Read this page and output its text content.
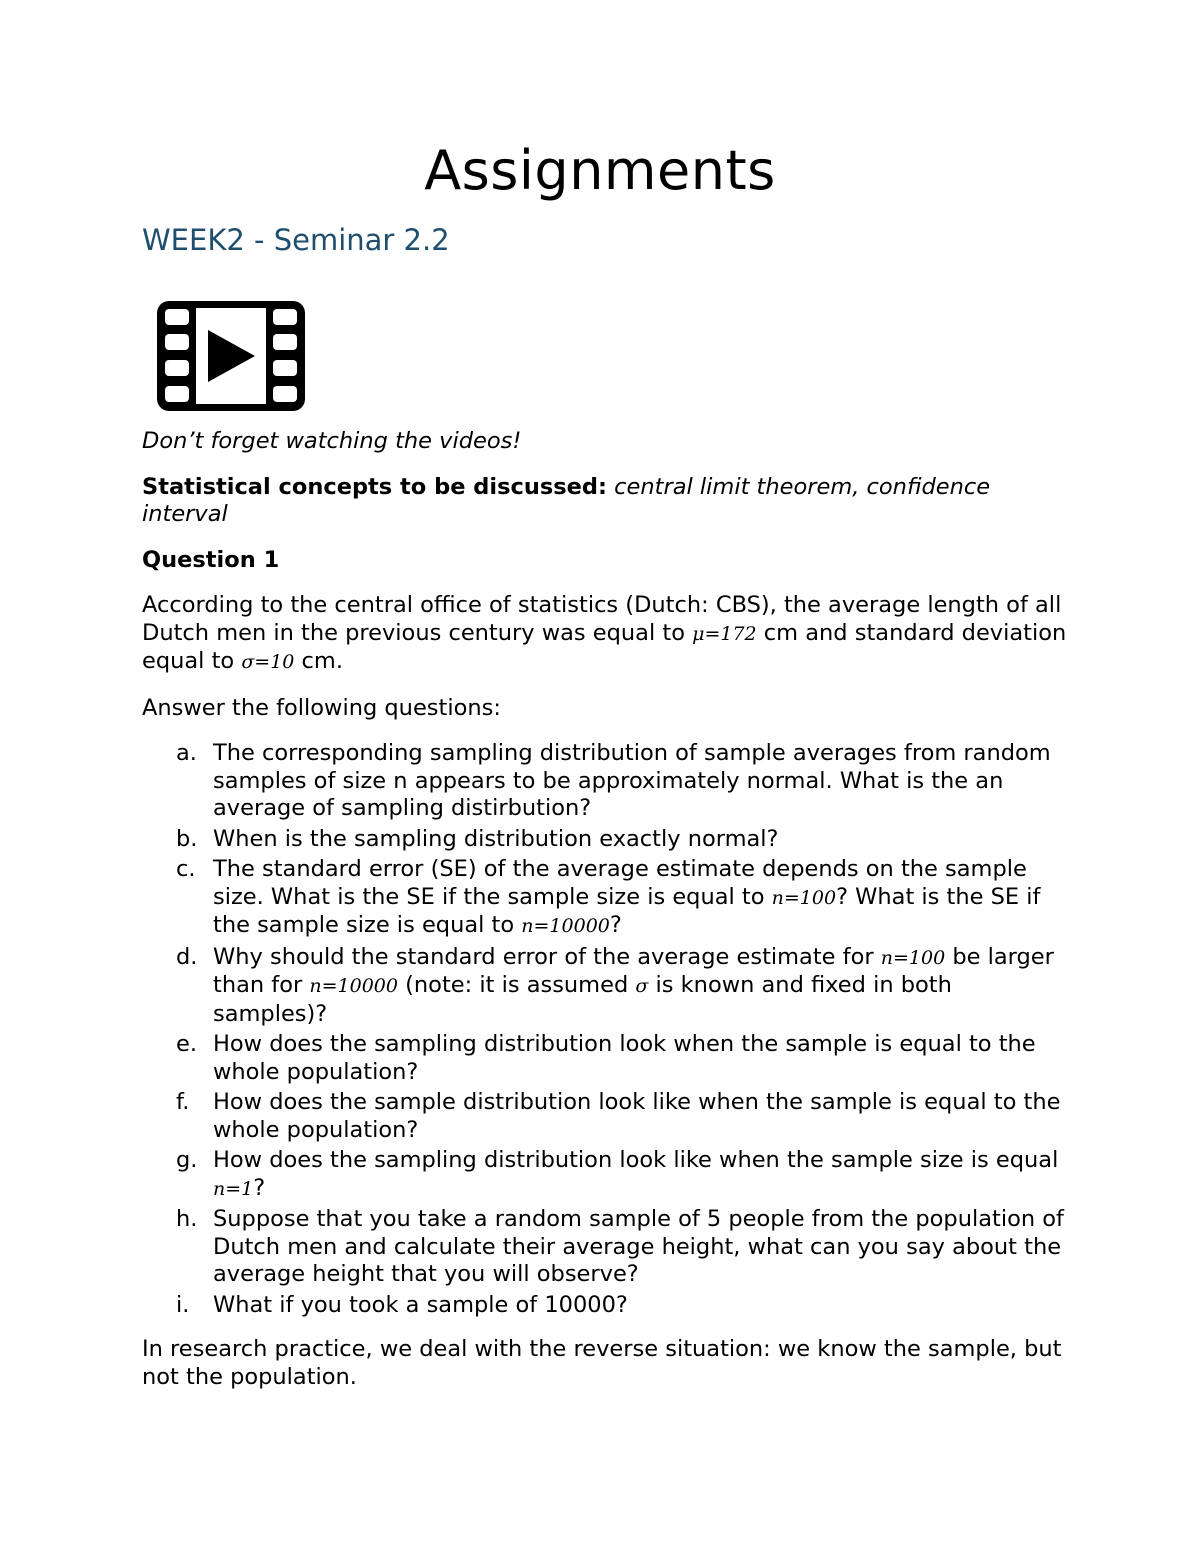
Assignments
WEEK2 - Seminar 2.2

Don’t forget watching the videos!

Statistical concepts to be discussed: central limit theorem, confidence interval

Question 1

According to the central office of statistics (Dutch: CBS), the average length of all Dutch men in the previous century was equal to μ=172 cm and standard deviation equal to σ=10 cm.

Answer the following questions:

a. The corresponding sampling distribution of sample averages from random samples of size n appears to be approximately normal. What is the an average of sampling distirbution?
b. When is the sampling distribution exactly normal?
c. The standard error (SE) of the average estimate depends on the sample size. What is the SE if the sample size is equal to n=100? What is the SE if the sample size is equal to n=10000?
d. Why should the standard error of the average estimate for n=100 be larger than for n=10000 (note: it is assumed σ is known and fixed in both samples)?
e. How does the sampling distribution look when the sample is equal to the whole population?
f. How does the sample distribution look like when the sample is equal to the whole population?
g. How does the sampling distribution look like when the sample size is equal n=1?
h. Suppose that you take a random sample of 5 people from the population of Dutch men and calculate their average height, what can you say about the average height that you will observe?
i. What if you took a sample of 10000?

In research practice, we deal with the reverse situation: we know the sample, but not the population.
